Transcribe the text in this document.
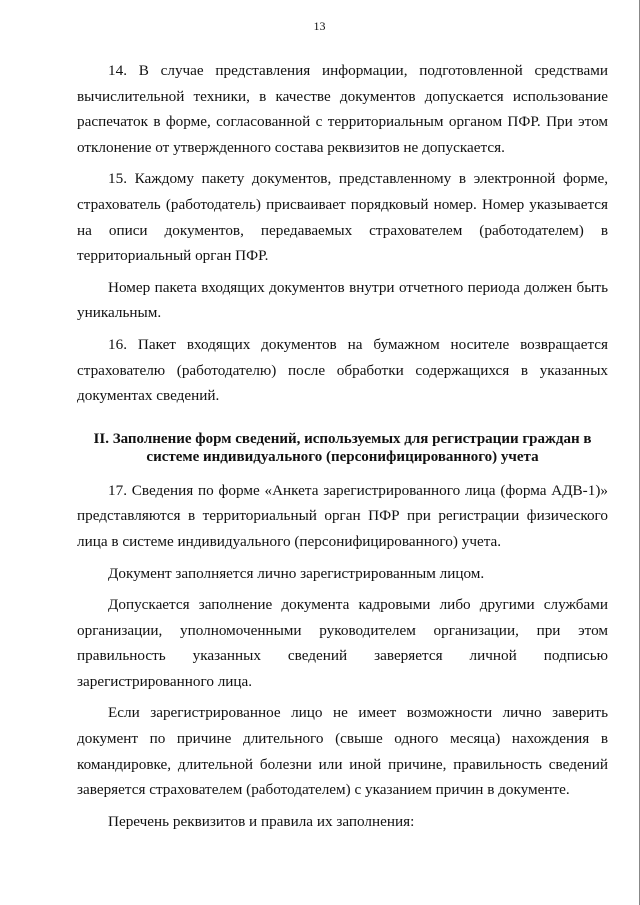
13

14. В случае представления информации, подготовленной средствами вычислительной техники, в качестве документов допускается использование распечаток в форме, согласованной с территориальным органом ПФР. При этом отклонение от утвержденного состава реквизитов не допускается.

15. Каждому пакету документов, представленному в электронной форме, страхователь (работодатель) присваивает порядковый номер. Номер указывается на описи документов, передаваемых страхователем (работодателем) в территориальный орган ПФР.

Номер пакета входящих документов внутри отчетного периода должен быть уникальным.

16. Пакет входящих документов на бумажном носителе возвращается страхователю (работодателю) после обработки содержащихся в указанных документах сведений.

II. Заполнение форм сведений, используемых для регистрации граждан в
системе индивидуального (персонифицированного) учета

17. Сведения по форме «Анкета зарегистрированного лица (форма АДВ-1)» представляются в территориальный орган ПФР при регистрации физического лица в системе индивидуального (персонифицированного) учета.

Документ заполняется лично зарегистрированным лицом.

Допускается заполнение документа кадровыми либо другими службами организации, уполномоченными руководителем организации, при этом правильность указанных сведений заверяется личной подписью зарегистрированного лица.

Если зарегистрированное лицо не имеет возможности лично заверить документ по причине длительного (свыше одного месяца) нахождения в командировке, длительной болезни или иной причине, правильность сведений заверяется страхователем (работодателем) с указанием причин в документе.

Перечень реквизитов и правила их заполнения:
